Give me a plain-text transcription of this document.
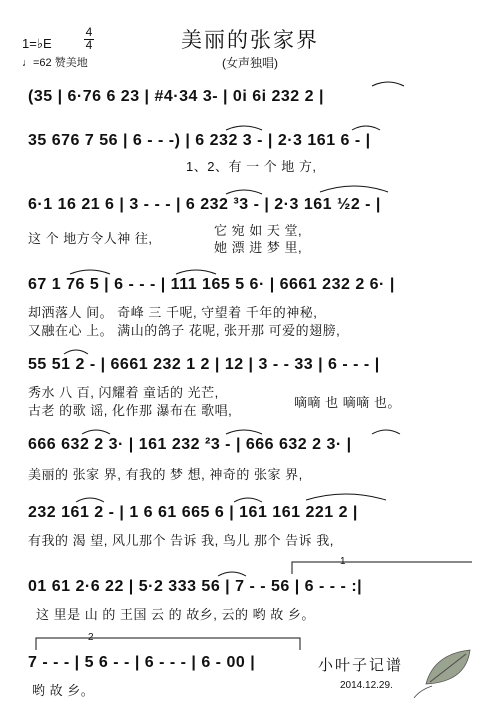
美丽的张家界
(女声独唱)
1=♭E
4
4
♩=62 赞美地
(35 | 6·76 6 23 | #4·34 3- | 0i 6i 232 2 |
35 676 7 56 | 6 - - -) | 6 232 3 - | 2·3 161 6 - |
1、2、有 一 个 地 方,
6·1 16 21 6 | 3 - - - | 6 232 ³3 - | 2·3 161 ½2 - |
这 个 地方令人神 往,
它 宛 如 天 堂,
她 漂 进 梦 里,
67 1 76 5 | 6 - - - | 111 165 5 6· | 6661 232 2 6· |
却洒落人 间。 奇峰 三 千呢, 守望着 千年的神秘,
又融在心 上。 满山的鸽子 花呢, 张开那 可爱的翅膀,
55 51 2 - | 6661 232 1 2 | 12 | 3 - - 33 | 6 - - - |
秀水 八 百, 闪耀着 童话的 光芒,
古老 的歌 谣, 化作那 瀑布在 歌唱,
嘀嘀 也 嘀嘀 也。
666 632 2 3· | 161 232 ²3 - | 666 632 2 3· |
美丽的 张家 界, 有我的 梦 想, 神奇的 张家 界,
232 161 2 - | 1 6 61 665 6 | 161 161 221 2 |
有我的 渴 望, 风儿那个 告诉 我, 鸟儿 那个 告诉 我,
01 61 2·6 22 | 5·2 333 56 | 7 - - 56 | 6 - - - :|
这 里是 山 的 王国 云 的 故乡, 云的 哟 故 乡。
1
7 - - - | 5 6 - - | 6 - - - | 6 - 00 |
哟 故 乡。
2
小叶子记谱
2014.12.29.
